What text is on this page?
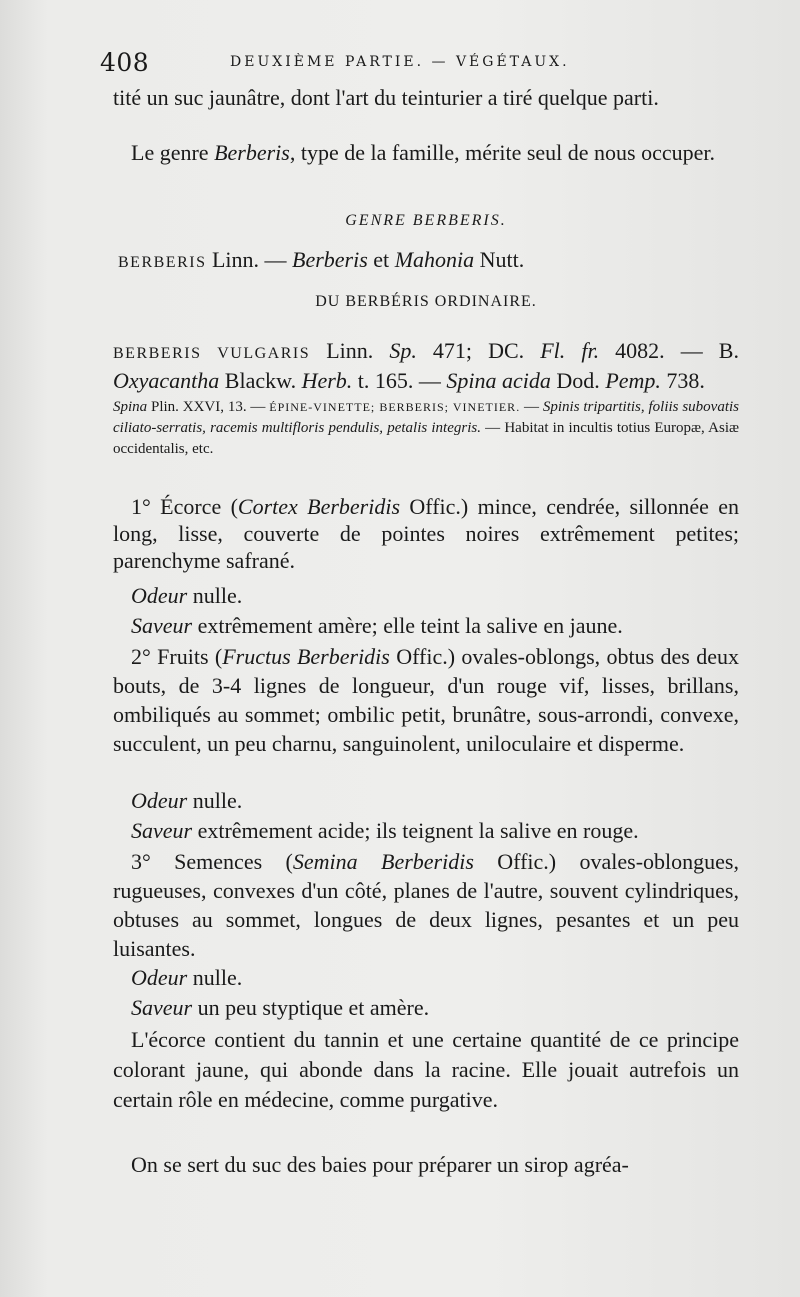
408	DEUXIÈME PARTIE. — VÉGÉTAUX.

tité un suc jaunâtre, dont l'art du teinturier a tiré quelque parti.

Le genre Berberis, type de la famille, mérite seul de nous occuper.

GENRE BERBERIS.

BERBERIS Linn. — Berberis et Mahonia Nutt.

DU BERBÉRIS ORDINAIRE.

BERBERIS VULGARIS Linn. Sp. 471; DC. Fl. fr. 4082. — B. Oxyacantha Blackw. Herb. t. 165. — Spina acida Dod. Pemp. 738.

Spina Plin. XXVI, 13. — ÉPINE-VINETTE; BERBERIS; VINETIER. — Spinis tripartitis, foliis subovatis ciliato-serratis, racemis multifloris pendulis, petalis integris. — Habitat in incultis totius Europæ, Asiæ occidentalis, etc.

1° Écorce (Cortex Berberidis Offic.) mince, cendrée, sillonnée en long, lisse, couverte de pointes noires extrêmement petites; parenchyme safrané.

Odeur nulle.

Saveur extrêmement amère; elle teint la salive en jaune.

2° Fruits (Fructus Berberidis Offic.) ovales-oblongs, obtus des deux bouts, de 3-4 lignes de longueur, d'un rouge vif, lisses, brillans, ombiliqués au sommet; ombilic petit, brunâtre, sous-arrondi, convexe, succulent, un peu charnu, sanguinolent, uniloculaire et disperme.

Odeur nulle.

Saveur extrêmement acide; ils teignent la salive en rouge.

3° Semences (Semina Berberidis Offic.) ovales-oblongues, rugueuses, convexes d'un côté, planes de l'autre, souvent cylindriques, obtuses au sommet, longues de deux lignes, pesantes et un peu luisantes.

Odeur nulle.

Saveur un peu styptique et amère.

L'écorce contient du tannin et une certaine quantité de ce principe colorant jaune, qui abonde dans la racine. Elle jouait autrefois un certain rôle en médecine, comme purgative.

On se sert du suc des baies pour préparer un sirop agréa-
